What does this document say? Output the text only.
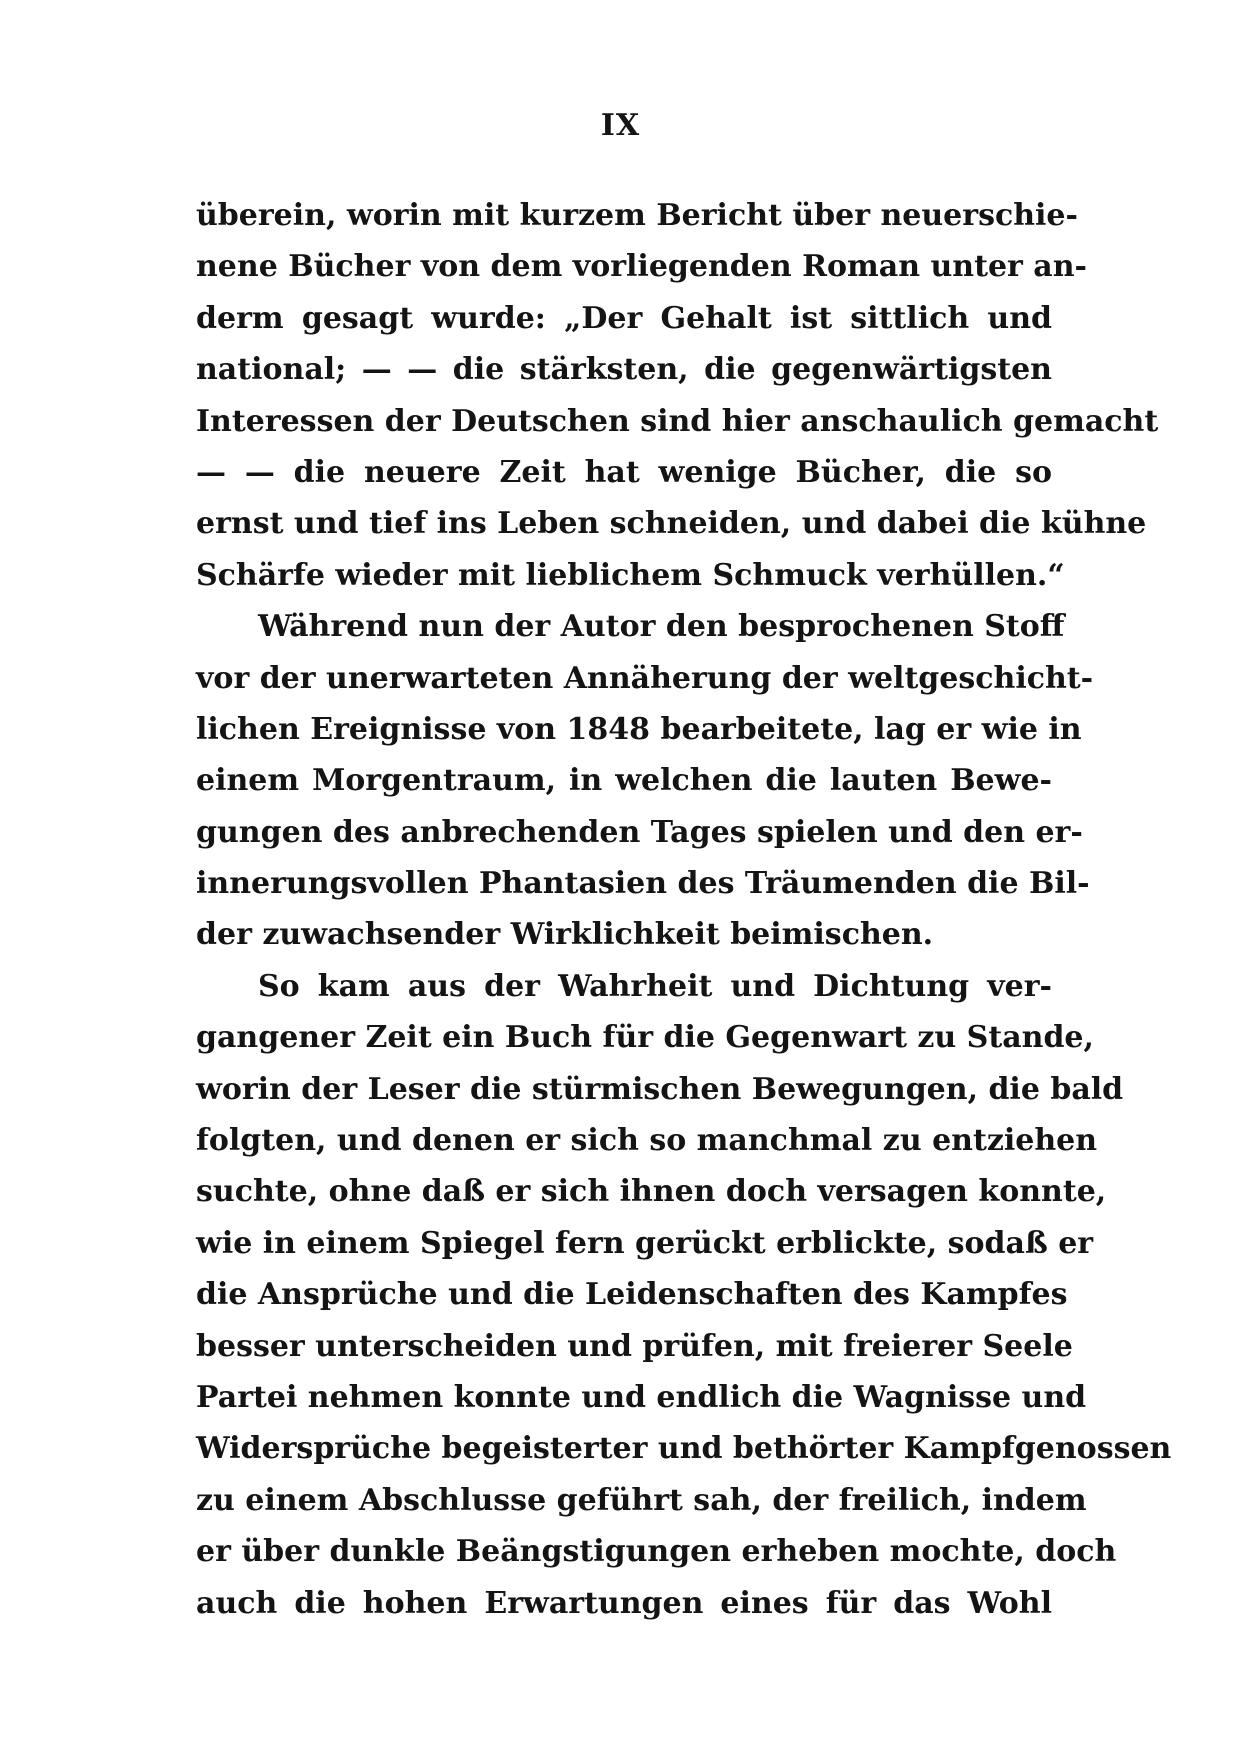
IX
überein, worin mit kurzem Bericht über neuerschie-
nene Bücher von dem vorliegenden Roman unter an-
derm gesagt wurde: „Der Gehalt ist sittlich und
national; — — die stärksten, die gegenwärtigsten
Interessen der Deutschen sind hier anschaulich gemacht
— — die neuere Zeit hat wenige Bücher, die so
ernst und tief ins Leben schneiden, und dabei die kühne
Schärfe wieder mit lieblichem Schmuck verhüllen.“
Während nun der Autor den besprochenen Stoff
vor der unerwarteten Annäherung der weltgeschicht-
lichen Ereignisse von 1848 bearbeitete, lag er wie in
einem Morgentraum, in welchen die lauten Bewe-
gungen des anbrechenden Tages spielen und den er-
innerungsvollen Phantasien des Träumenden die Bil-
der zuwachsender Wirklichkeit beimischen.
So kam aus der Wahrheit und Dichtung ver-
gangener Zeit ein Buch für die Gegenwart zu Stande,
worin der Leser die stürmischen Bewegungen, die bald
folgten, und denen er sich so manchmal zu entziehen
suchte, ohne daß er sich ihnen doch versagen konnte,
wie in einem Spiegel fern gerückt erblickte, sodaß er
die Ansprüche und die Leidenschaften des Kampfes
besser unterscheiden und prüfen, mit freierer Seele
Partei nehmen konnte und endlich die Wagnisse und
Widersprüche begeisterter und bethörter Kampfgenossen
zu einem Abschlusse geführt sah, der freilich, indem
er über dunkle Beängstigungen erheben mochte, doch
auch die hohen Erwartungen eines für das Wohl
